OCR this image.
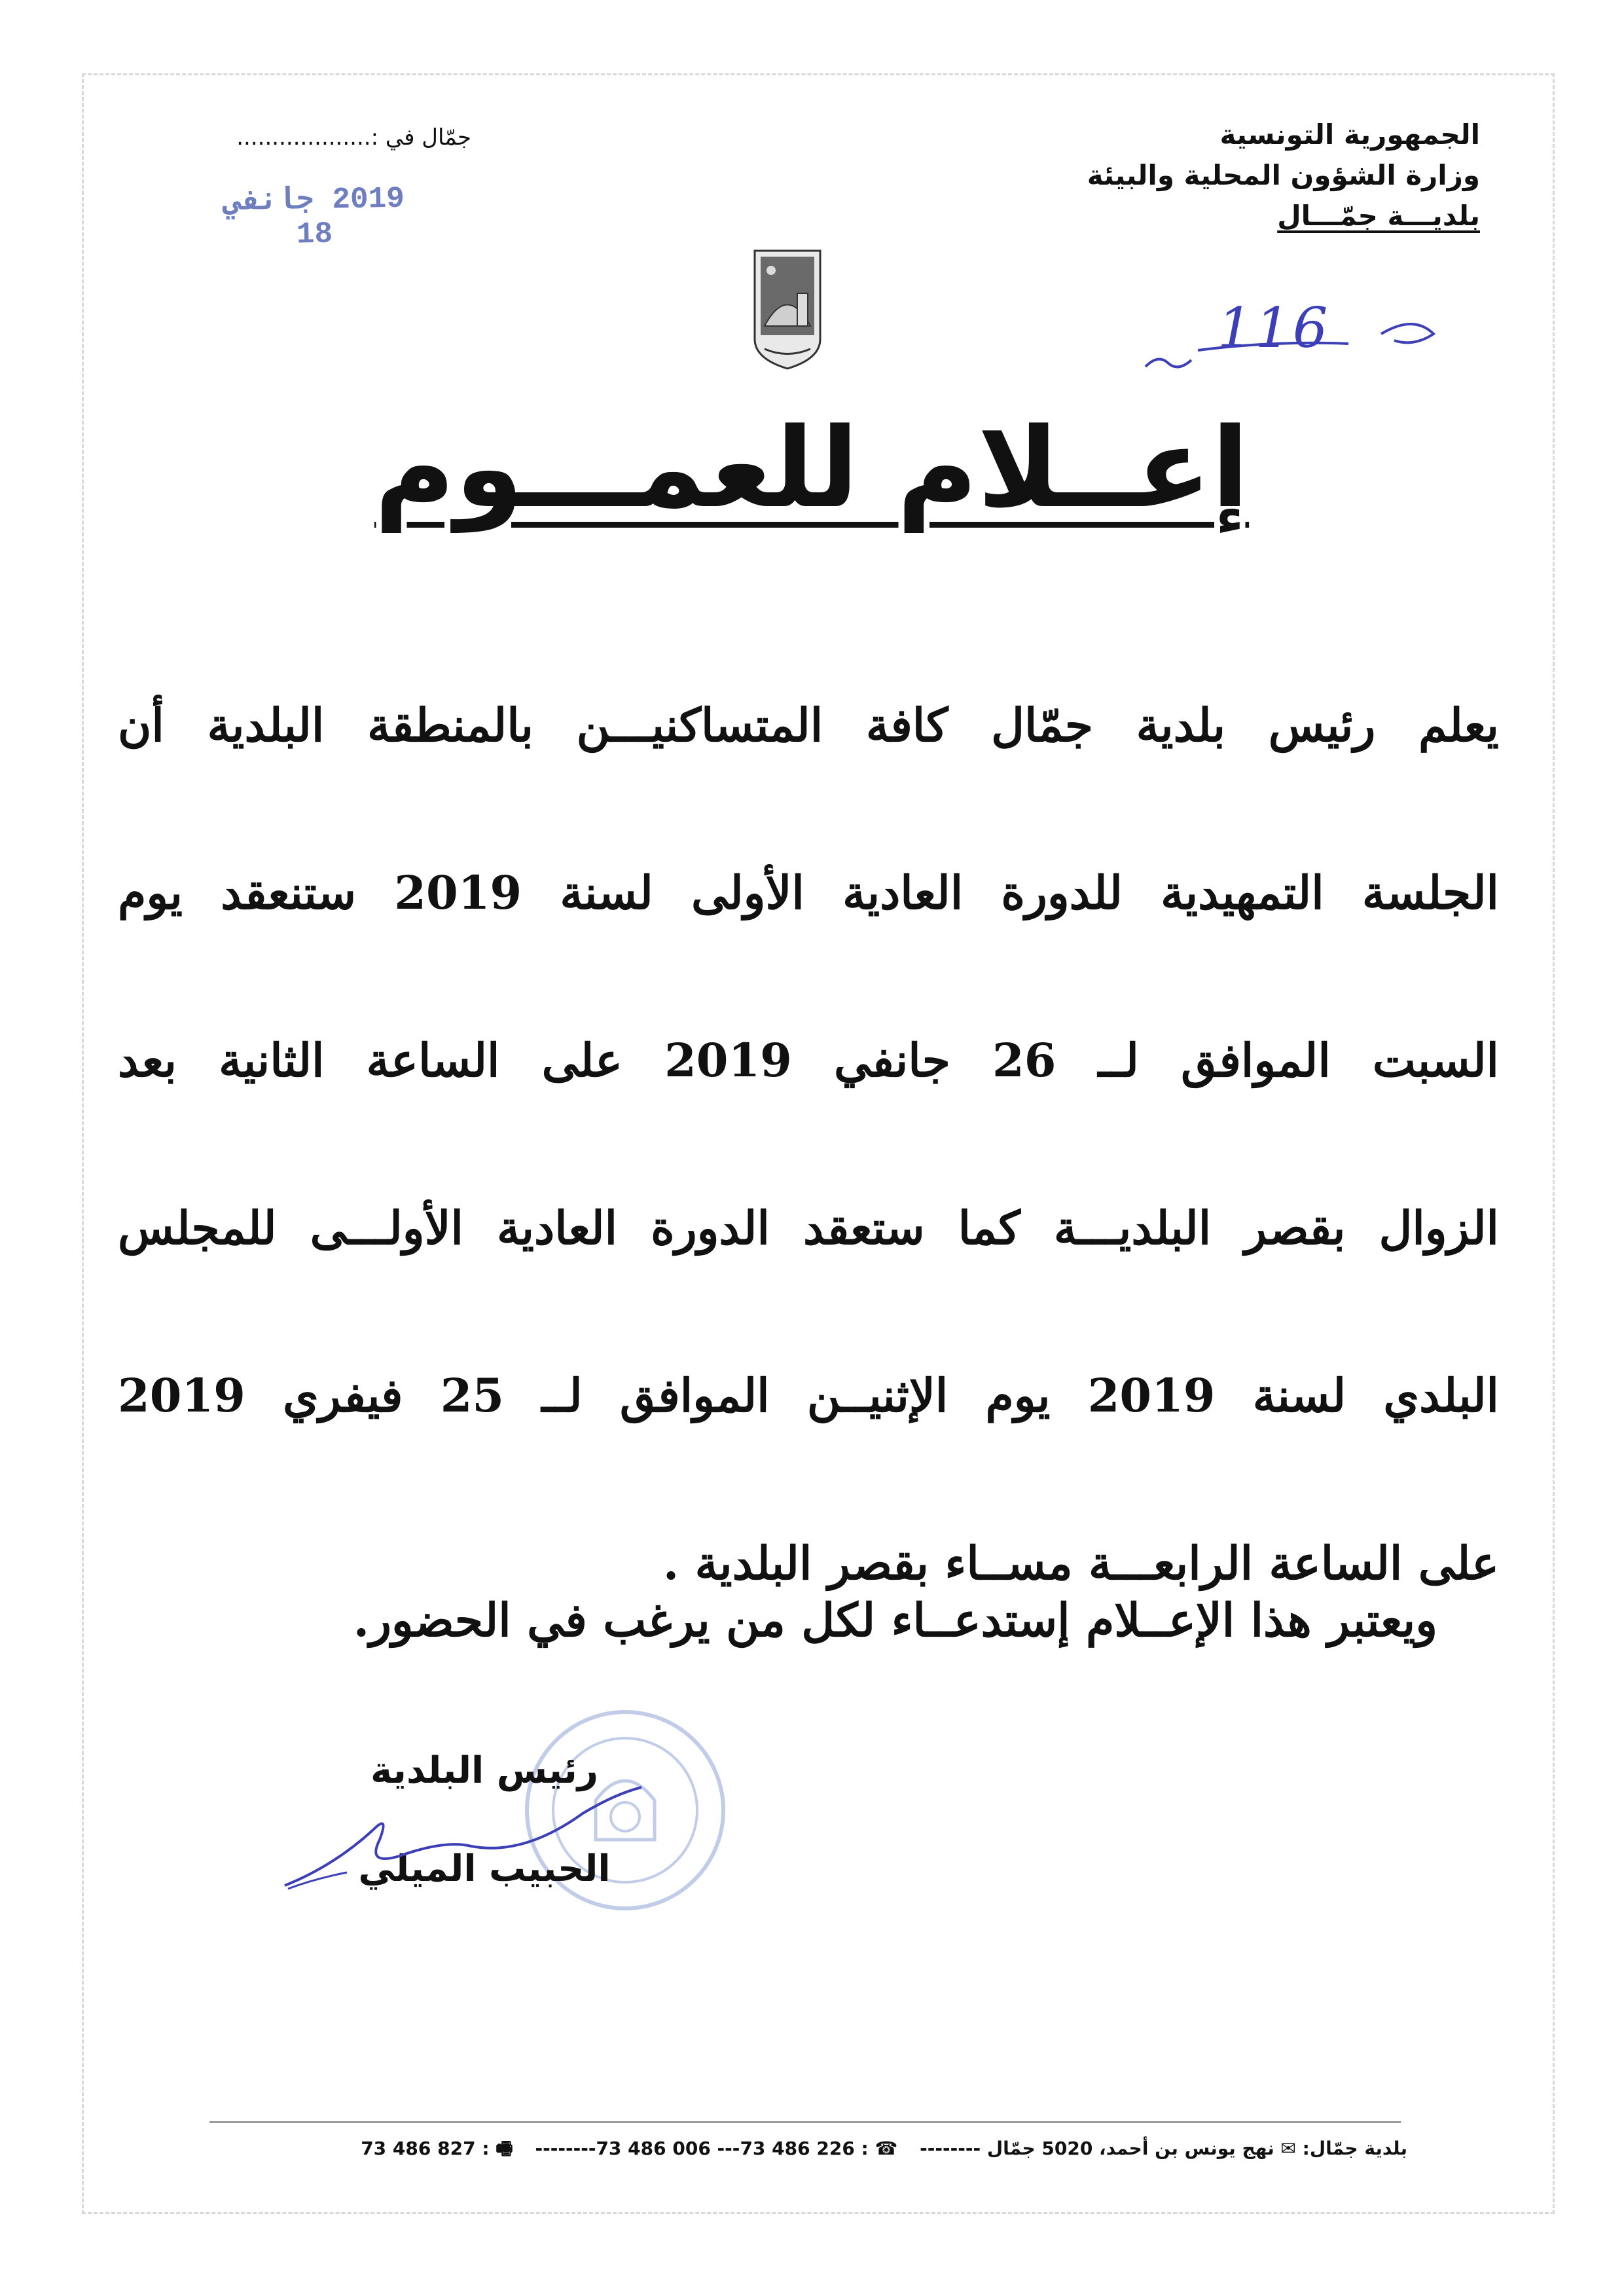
الجمهورية التونسية
وزارة الشؤون المحلية والبيئة
بلديـــة جمّـــال
جمّال في :...................
2019 جانفي 18
116
إعــلام للعمـــوم
يعلم رئيس بلدية جمّال كافة المتساكنيـــن بالمنطقة البلدية أن
الجلسة التمهيدية للدورة العادية الأولى لسنة 2019 ستنعقد يوم
السبت الموافق لــ 26 جانفي 2019 على الساعة الثانية بعد
الزوال بقصر البلديـــة كما ستعقد الدورة العادية الأولـــى للمجلس
البلدي لسنة 2019 يوم الإثنيــن الموافق لــ 25 فيفري 2019
على الساعة الرابعـــة مســاء بقصر البلدية .
ويعتبر هذا الإعــلام إستدعــاء لكل من يرغب في الحضور.
رئيس البلدية
الحبيب الميلي
بلدية جمّال: ✉ نهج يونس بن أحمد، 5020 جمّال -------- ☎ : 226 486 73--- 006 486 73-------- 🖷 : 827 486 73
